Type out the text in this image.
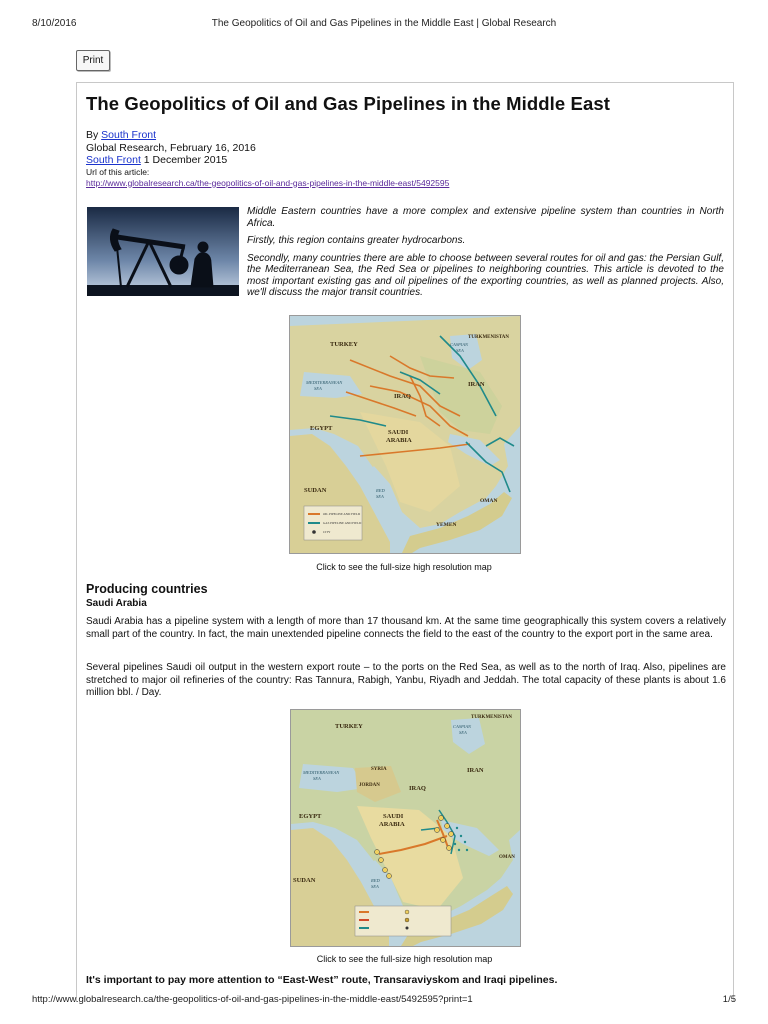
8/10/2016	The Geopolitics of Oil and Gas Pipelines in the Middle East | Global Research
Print
The Geopolitics of Oil and Gas Pipelines in the Middle East
By South Front
Global Research, February 16, 2016
South Front 1 December 2015
Url of this article:
http://www.globalresearch.ca/the-geopolitics-of-oil-and-gas-pipelines-in-the-middle-east/5492595

Middle Eastern countries have a more complex and extensive pipeline system than countries in North Africa.

Firstly, this region contains greater hydrocarbons.

Secondly, many countries there are able to choose between several routes for oil and gas: the Persian Gulf, the Mediterranean Sea, the Red Sea or pipelines to neighboring countries. This article is devoted to the most important existing gas and oil pipelines of the exporting countries, as well as planned projects. Also, we'll discuss the major transit countries.

TURKEY
TURKMENISTAN
CASPIAN
SEA
MEDITERRANEAN
SEA
IRAQ
IRAN
EGYPT
SAUDI
ARABIA
SUDAN	RED
SEA
OMAN
YEMEN
OIL PIPELINE AND FIELD
GAS PIPELINE AND FIELD
CITY
Click to see the full-size high resolution map
Producing countries
Saudi Arabia
Saudi Arabia has a pipeline system with a length of more than 17 thousand km. At the same time geographically this system covers a relatively small part of the country. In fact, the main unextended pipeline connects the field to the east of the country to the export port in the same area.
Several pipelines Saudi oil output in the western export route – to the ports on the Red Sea, as well as to the north of Iraq. Also, pipelines are stretched to major oil refineries of the country: Ras Tannura, Rabigh, Yanbu, Riyadh and Jeddah. The total capacity of these plants is about 1.6 million bbl. / Day.
TURKEY
TURKMENISTAN
CASPIAN
SEA
MEDITERRANEAN
SEA
SYRIA
JORDAN	IRAQ
IRAN
EGYPT	SAUDI
ARABIA
SUDAN	RED
SEA
OMAN
Click to see the full-size high resolution map
It's important to pay more attention to “East-West” route, Transaraviyskom and Iraqi pipelines.
http://www.globalresearch.ca/the-geopolitics-of-oil-and-gas-pipelines-in-the-middle-east/5492595?print=1	1/5
